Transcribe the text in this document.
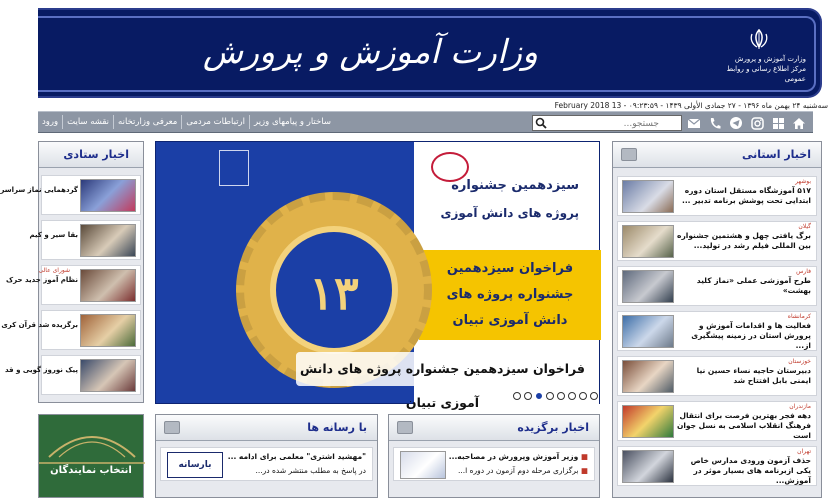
وزارت آموزش و پرورش	وزارت آموزش و پرورش
مرکز اطلاع رسانی و روابط عمومی
سه‌شنبه ۲۴ بهمن ماه ۱۳۹۶ - ۲۷ جمادی الأولی ۱۴۳۹ - February 2018 13 - ۰۹:۲۳:۵۹
جستجو...
ساختار و پیامهای وزیر
ارتباطات مردمی
معرفی وزارتخانه
نقشه سایت
ورود
اخبار استانی
بوشهر
۵۱۷ آموزشگاه مستقل استان دوره ابتدایی تحت پوشش برنامه تدبیر ...
گیلان
برگ یافتی چهل و هشتمین جشنواره بین المللی فیلم رشد در تولید...
فارس
طرح آموزشی عملی «نماز کلید بهشت»
کرمانشاه
فعالیت ها و اقدامات آموزش و پرورش استان در زمینه پیشگیری از...
خوزستان
دبیرستان حاجیه نساء حسین نیا ایمنی بابل افتتاح شد
مازندران
دهه فجر بهترین فرصت برای انتقال فرهنگ انقلاب اسلامی به نسل جوان است
تهران
حذف آزمون ورودی مدارس خاص یکی ازبرنامه های بسیار موثر در آموزش...
اخبار ستادی
گردهمایی نماز سراسر
بقا سیر و کیم
شورای عالی
نظام آموز جدید حرک
برگزیده شد قرآن کری
پیک نوروز گویی و قد
انتخاب نمایندگان
سیزدهمین جشنواره
پروژه های دانش آموزی
فراخوان سیزدهمین
جشنواره پروژه های
دانش آموزی تبیان
۱۳
فراخوان سیزدهمین جشنواره پروژه های دانش آموزی تبیان
اخبار برگزیده
■ وزیر آموزش وپرورش در مصاحبه...
■ برگزاری مرحله دوم آزمون در دوره ا...
با رسانه ها
بارسانه
"مهشید اشتری" معلمی برای ادامه ...
در پاسخ به مطلب منتشر شده در...
